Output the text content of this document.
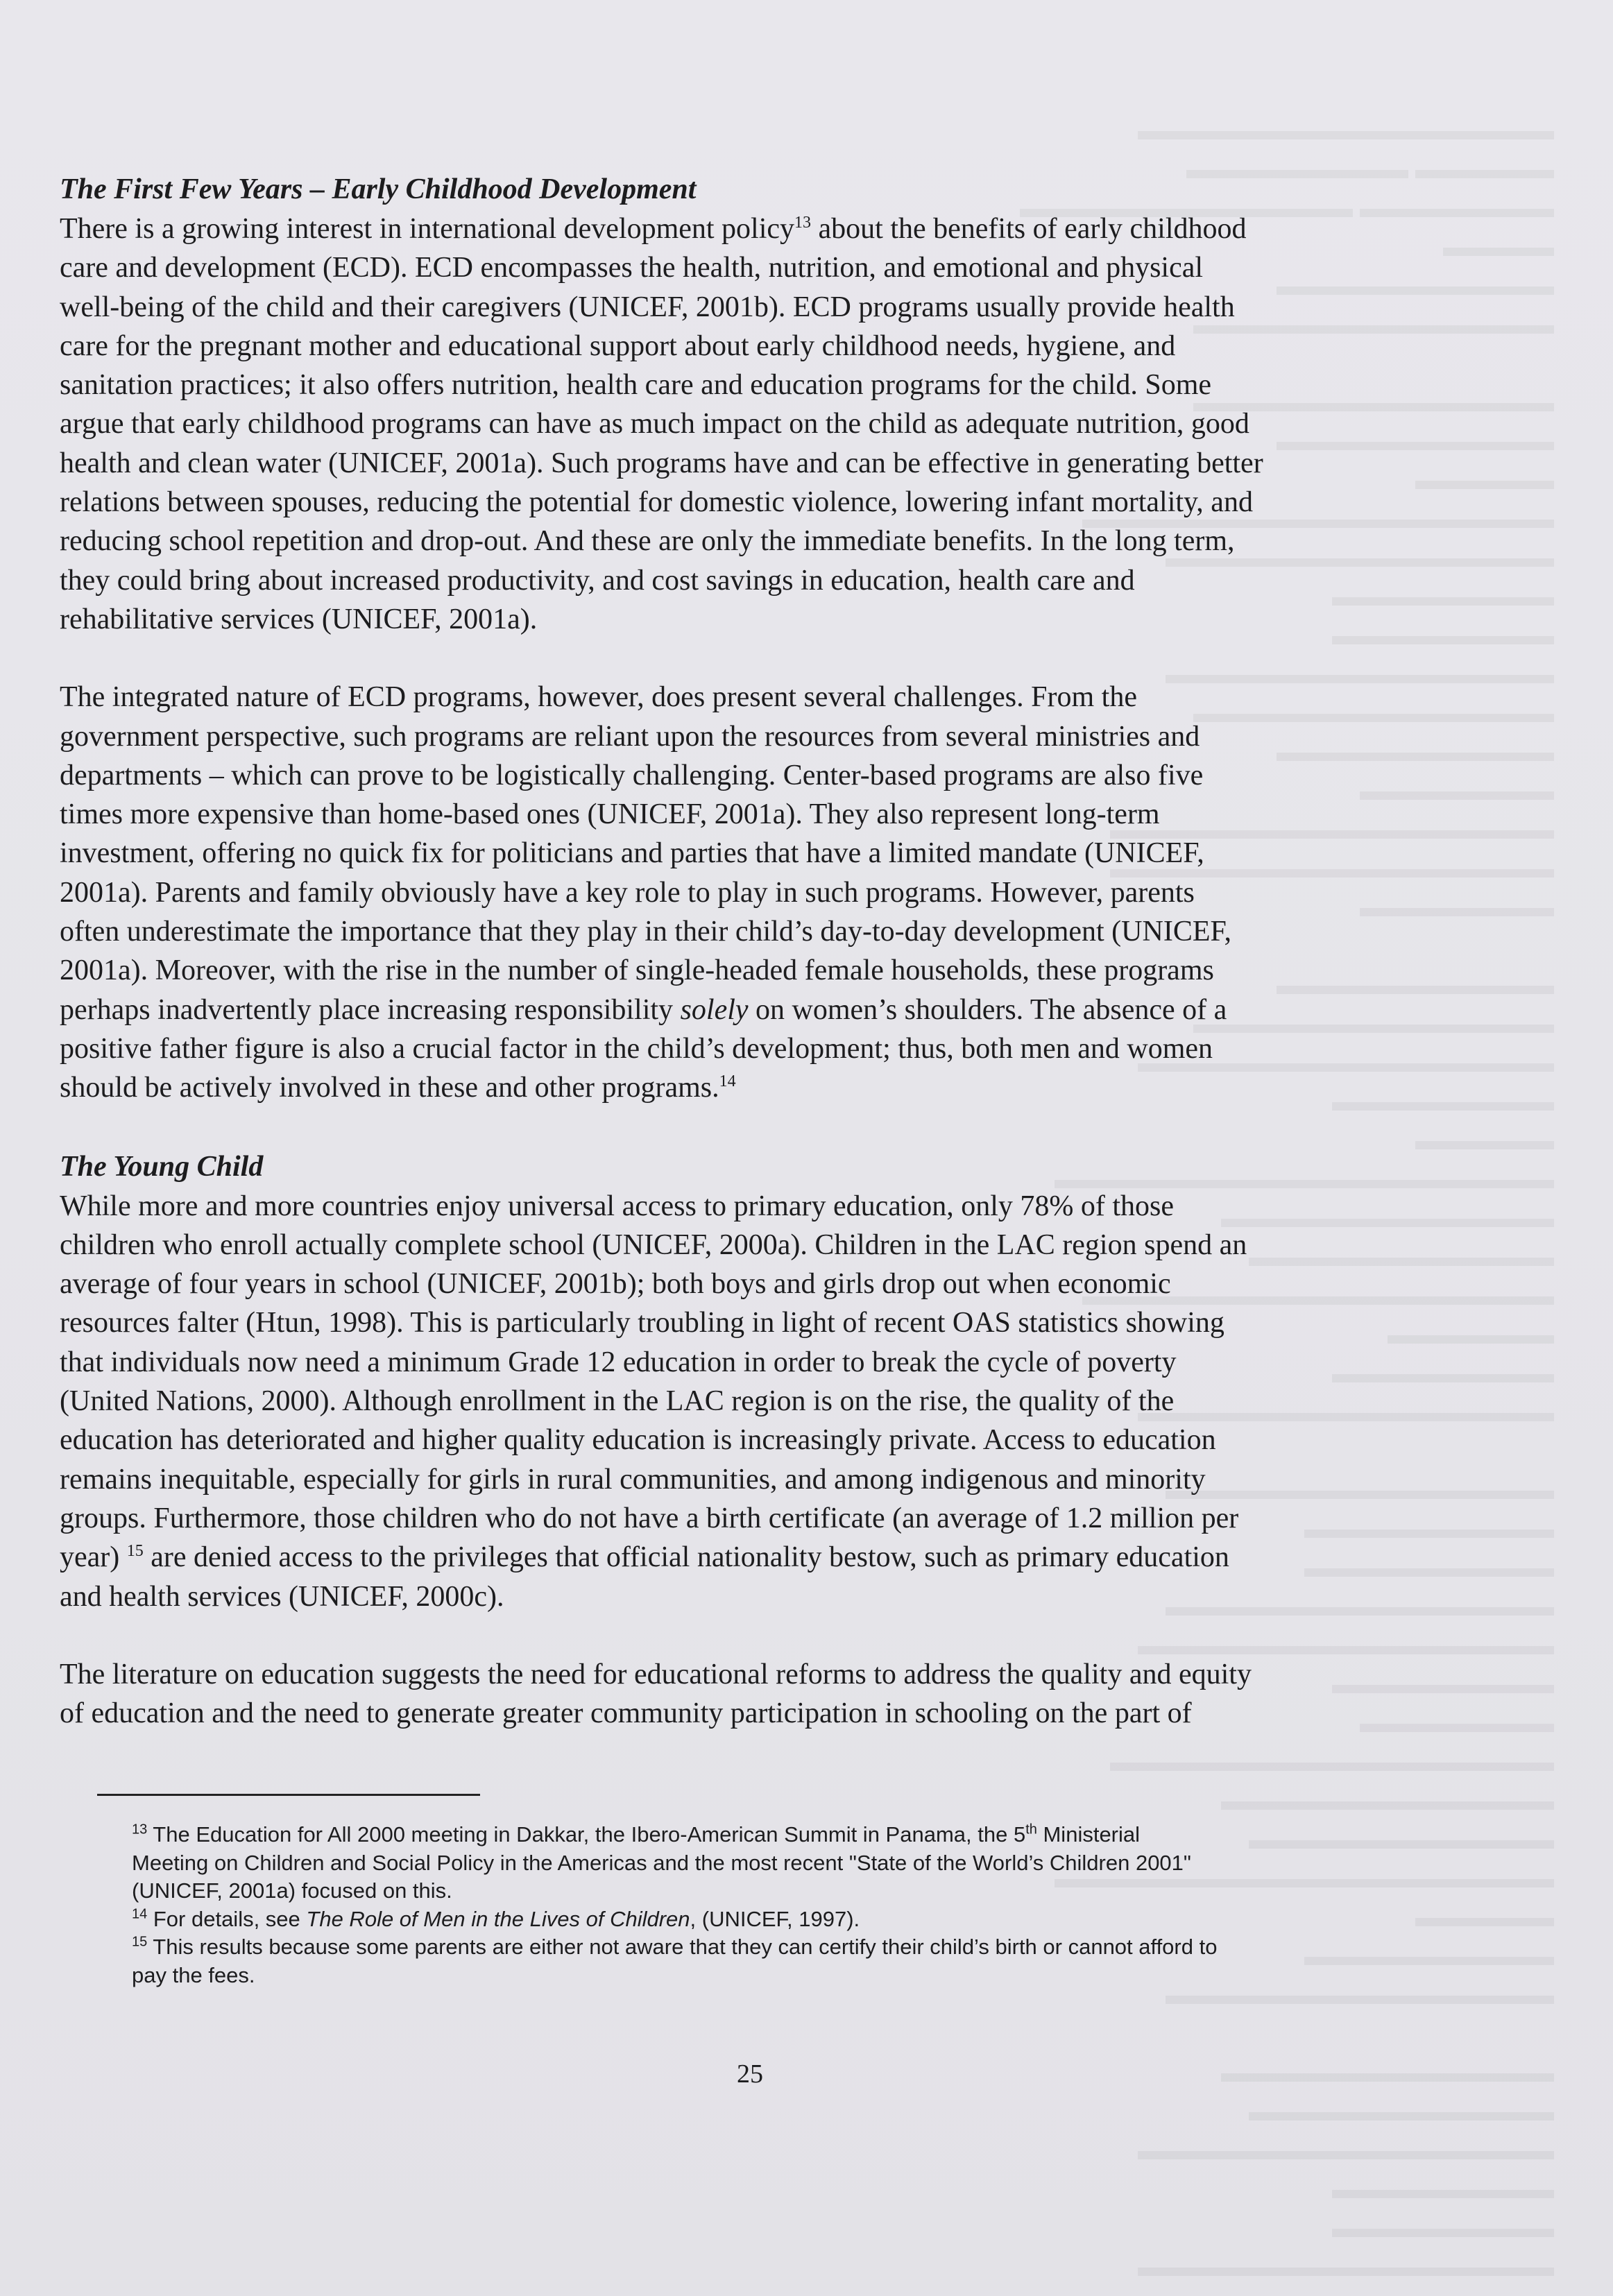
The First Few Years – Early Childhood Development

There is a growing interest in international development policy$^{13}$ about the benefits of early childhood
care and development (ECD). ECD encompasses the health, nutrition, and emotional and physical
well-being of the child and their caregivers (UNICEF, 2001b). ECD programs usually provide health
care for the pregnant mother and educational support about early childhood needs, hygiene, and
sanitation practices; it also offers nutrition, health care and education programs for the child. Some
argue that early childhood programs can have as much impact on the child as adequate nutrition, good
health and clean water (UNICEF, 2001a). Such programs have and can be effective in generating better
relations between spouses, reducing the potential for domestic violence, lowering infant mortality, and
reducing school repetition and drop-out. And these are only the immediate benefits. In the long term,
they could bring about increased productivity, and cost savings in education, health care and
rehabilitative services (UNICEF, 2001a).

The integrated nature of ECD programs, however, does present several challenges. From the
government perspective, such programs are reliant upon the resources from several ministries and
departments – which can prove to be logistically challenging. Center-based programs are also five
times more expensive than home-based ones (UNICEF, 2001a). They also represent long-term
investment, offering no quick fix for politicians and parties that have a limited mandate (UNICEF,
2001a). Parents and family obviously have a key role to play in such programs. However, parents
often underestimate the importance that they play in their child’s day-to-day development (UNICEF,
2001a). Moreover, with the rise in the number of single-headed female households, these programs
perhaps inadvertently place increasing responsibility solely on women’s shoulders. The absence of a
positive father figure is also a crucial factor in the child’s development; thus, both men and women
should be actively involved in these and other programs.$^{14}$

The Young Child

While more and more countries enjoy universal access to primary education, only 78% of those
children who enroll actually complete school (UNICEF, 2000a). Children in the LAC region spend an
average of four years in school (UNICEF, 2001b); both boys and girls drop out when economic
resources falter (Htun, 1998). This is particularly troubling in light of recent OAS statistics showing
that individuals now need a minimum Grade 12 education in order to break the cycle of poverty
(United Nations, 2000). Although enrollment in the LAC region is on the rise, the quality of the
education has deteriorated and higher quality education is increasingly private. Access to education
remains inequitable, especially for girls in rural communities, and among indigenous and minority
groups. Furthermore, those children who do not have a birth certificate (an average of 1.2 million per
year) $^{15}$ are denied access to the privileges that official nationality bestow, such as primary education
and health services (UNICEF, 2000c).

The literature on education suggests the need for educational reforms to address the quality and equity
of education and the need to generate greater community participation in schooling on the part of

$^{13}$ The Education for All 2000 meeting in Dakkar, the Ibero-American Summit in Panama, the 5th Ministerial
Meeting on Children and Social Policy in the Americas and the most recent "State of the World’s Children 2001"
(UNICEF, 2001a) focused on this.

$^{14}$ For details, see The Role of Men in the Lives of Children, (UNICEF, 1997).

$^{15}$ This results because some parents are either not aware that they can certify their child’s birth or cannot afford to
pay the fees.

25
